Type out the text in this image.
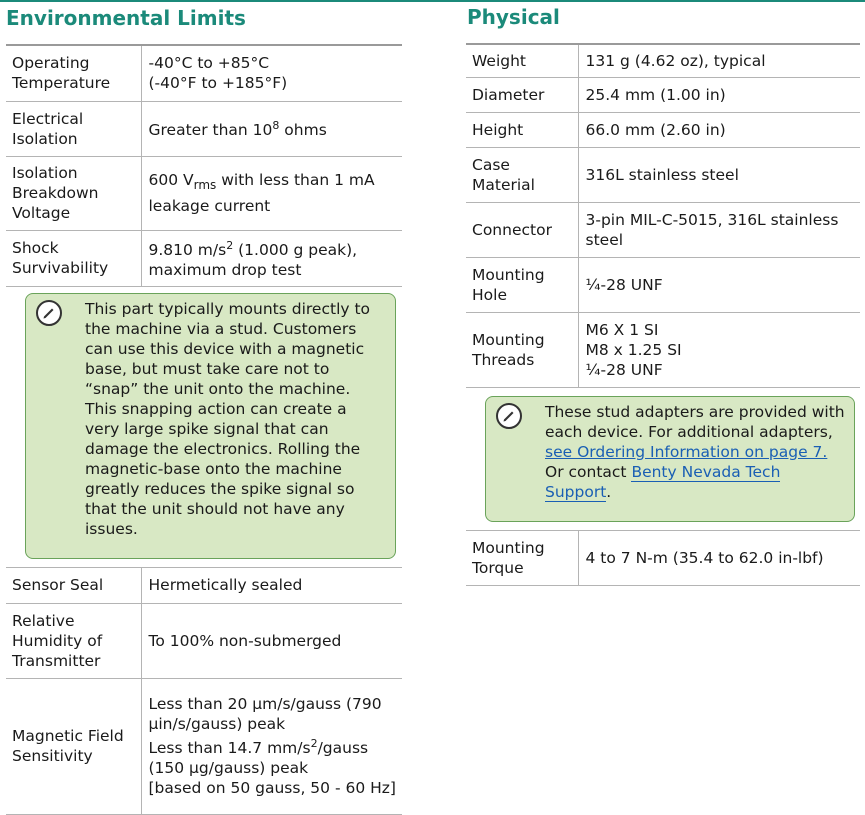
Environmental Limits
Operating Temperature	-40°C to +85°C
(-40°F to +185°F)
Electrical Isolation	Greater than $10^8$ ohms
Isolation Breakdown Voltage	600 $V_{rms}$ with less than 1 mA leakage current
Shock Survivability	9.810 $m/s^2$ (1.000 g peak), maximum drop test

This part typically mounts directly to the machine via a stud. Customers can use this device with a magnetic base, but must take care not to “snap” the unit onto the machine. This snapping action can create a very large spike signal that can damage the electronics. Rolling the magnetic-base onto the machine greatly reduces the spike signal so that the unit should not have any issues.	

Sensor Seal	Hermetically sealed
Relative Humidity of Transmitter	To 100% non-submerged
Magnetic Field Sensitivity	Less than 20 μm/s/gauss (790 μin/s/gauss) peak
Less than 14.7 $mm/s^2$/gauss (150 μg/gauss) peak
[based on 50 gauss, 50 - 60 Hz]
Physical
Weight	131 g (4.62 oz), typical
Diameter	25.4 mm (1.00 in)
Height	66.0 mm (2.60 in)
Case Material	316L stainless steel
Connector	3-pin MIL-C-5015, 316L stainless steel
Mounting Hole	¼-28 UNF
Mounting Threads	M6 X 1 SI
M8 x 1.25 SI
¼-28 UNF

These stud adapters are provided with each device. For additional adapters, see Ordering Information on page 7. Or contact Benty Nevada Tech Support.	

Mounting Torque	4 to 7 N-m (35.4 to 62.0 in-lbf)
